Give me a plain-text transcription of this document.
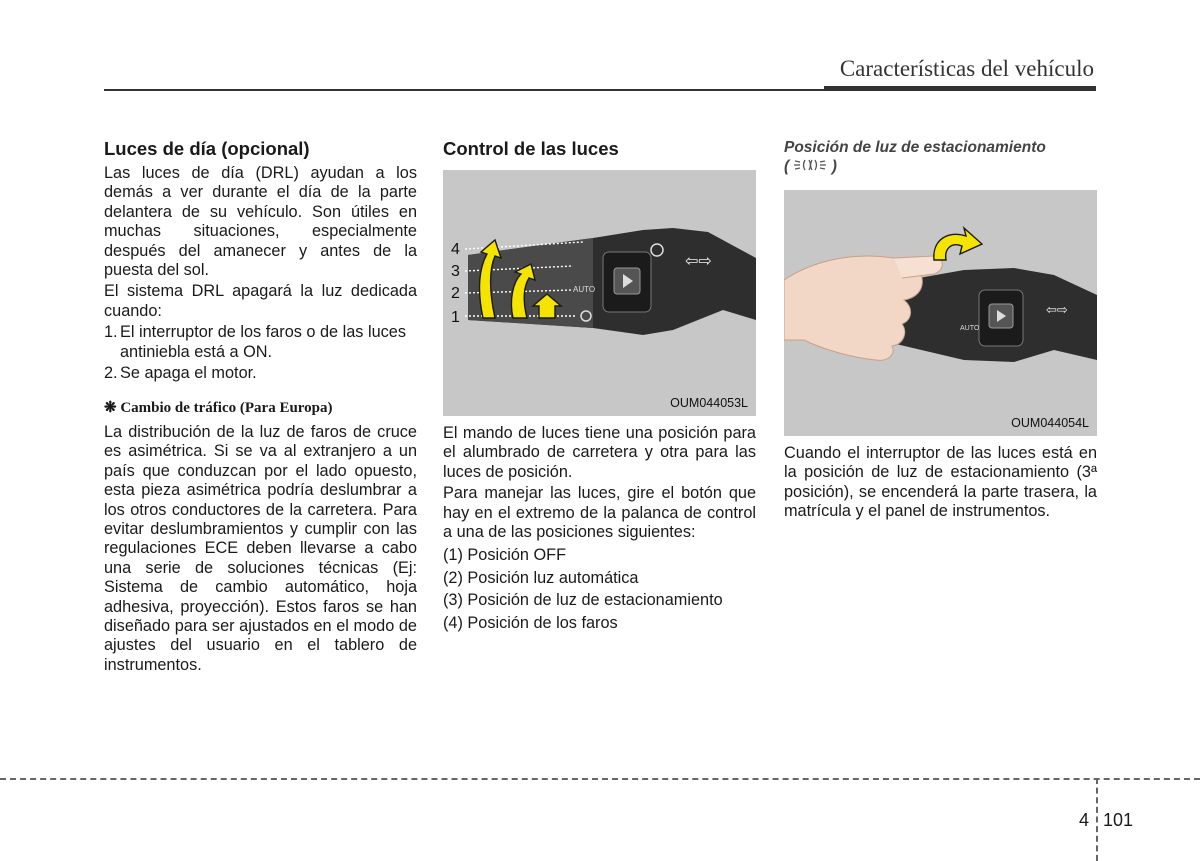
Características del vehículo
Luces de día (opcional)

Las luces de día (DRL) ayudan a los demás a ver durante el día de la parte delantera de su vehículo. Son útiles en muchas situaciones, especialmente después del amanecer y antes de la puesta del sol.

El sistema DRL apagará la luz dedicada cuando:

1. El interruptor de los faros o de las luces antiniebla está a ON.
2. Se apaga el motor.
❋ Cambio de tráfico (Para Europa)

La distribución de la luz de faros de cruce es asimétrica. Si se va al extranjero a un país que conduzcan por el lado opuesto, esta pieza asimétrica podría deslumbrar a los otros conductores de la carretera. Para evitar deslumbramientos y cumplir con las regulaciones ECE deben llevarse a cabo una serie de soluciones técnicas (Ej: Sistema de cambio automático, hoja adhesiva, proyección). Estos faros se han diseñado para ser ajustados en el modo de ajustes del usuario en el tablero de instrumentos.

Control de las luces
AUTO
⇦⇨
4
3
2
1
OUM044053L

El mando de luces tiene una posición para el alumbrado de carretera y otra para las luces de posición.

Para manejar las luces, gire el botón que hay en el extremo de la palanca de control a una de las posiciones siguientes:

(1) Posición OFF
(2) Posición luz automática
(3) Posición de luz de estacionamiento
(4) Posición de los faros
Posición de luz de estacionamiento
(	)
AUTO
⇦⇨
OUM044054L

Cuando el interruptor de las luces está en la posición de luz de estacionamiento (3ª posición), se encenderá la parte trasera, la matrícula y el panel de instrumentos.

4 101
